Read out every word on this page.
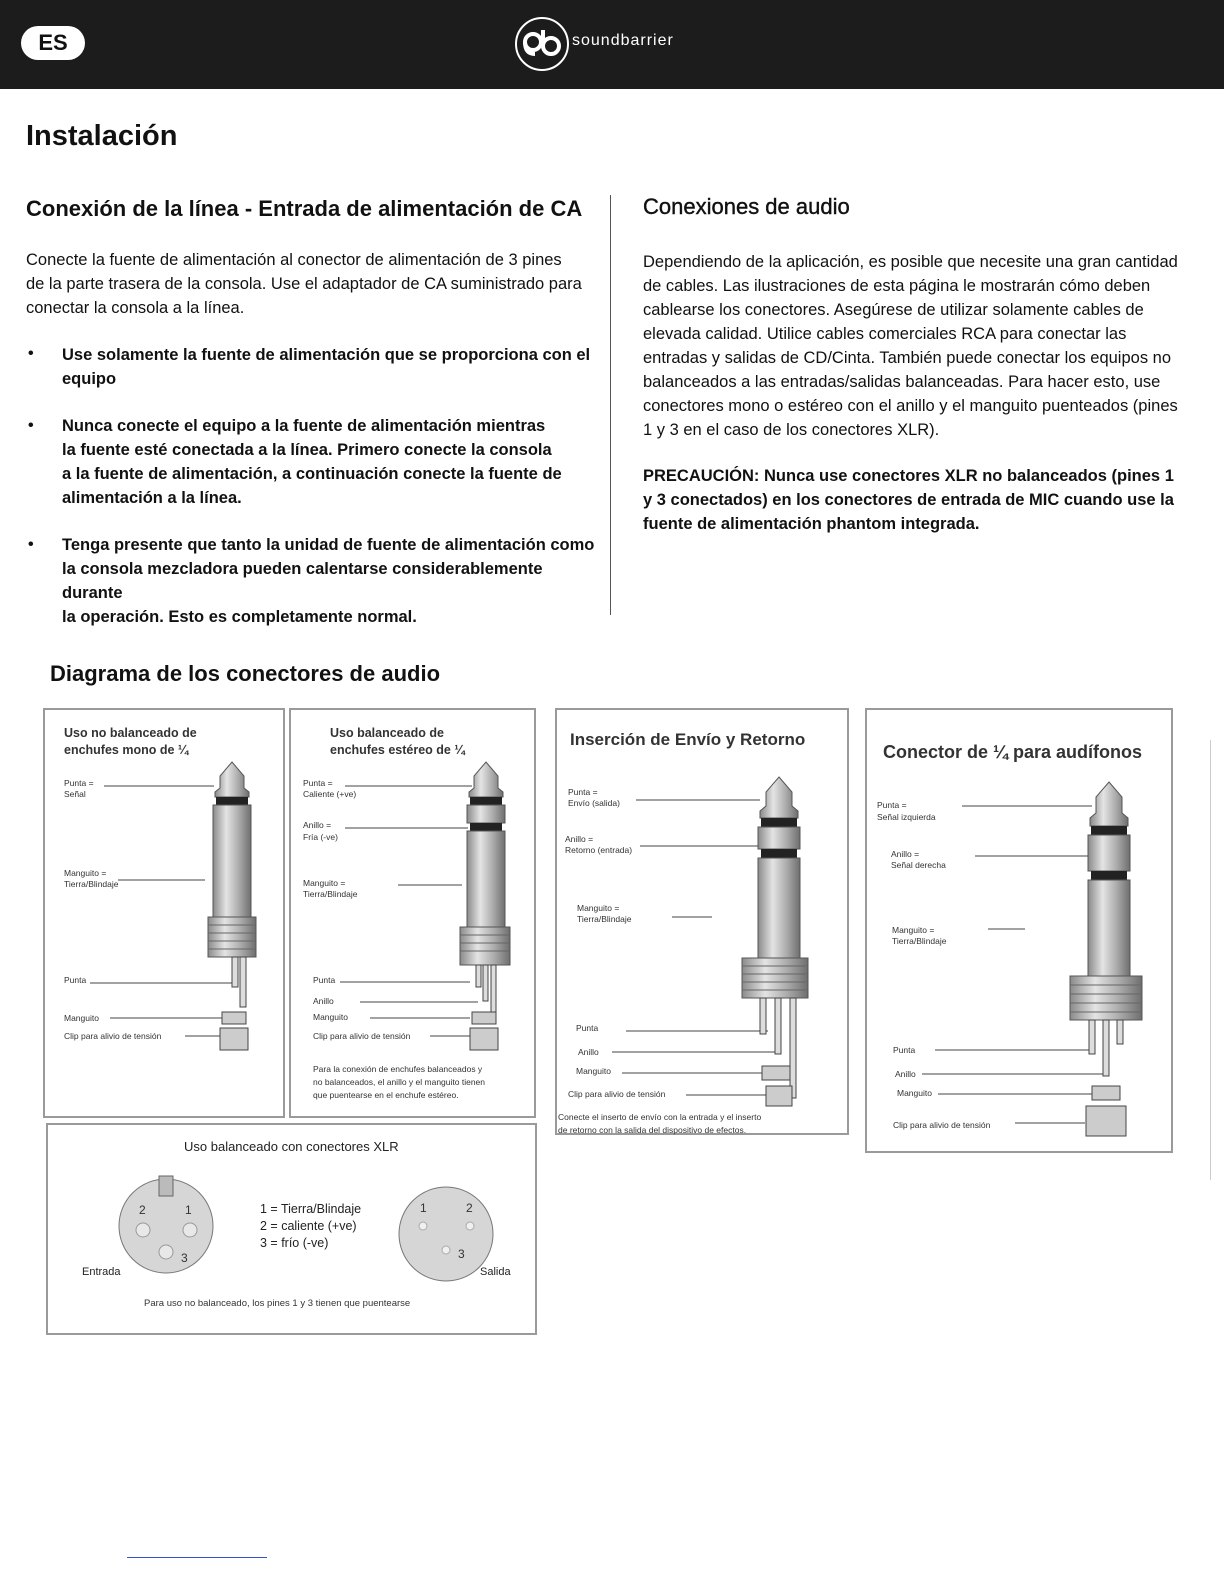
ES	soundbarrier
Instalación
Conexión de la línea - Entrada de alimentación de CA
Conecte la fuente de alimentación al conector de alimentación de 3 pines
de la parte trasera de la consola. Use el adaptador de CA suministrado para
conectar la consola a la línea.
• Use solamente la fuente de alimentación que se proporciona con el
equipo
• Nunca conecte el equipo a la fuente de alimentación mientras
la fuente esté conectada a la línea. Primero conecte la consola
a la fuente de alimentación, a continuación conecte la fuente de
alimentación a la línea.
• Tenga presente que tanto la unidad de fuente de alimentación como
la consola mezcladora pueden calentarse considerablemente durante
la operación. Esto es completamente normal.
Conexiones de audio
Dependiendo de la aplicación, es posible que necesite una gran cantidad
de cables. Las ilustraciones de esta página le mostrarán cómo deben
cablearse los conectores. Asegúrese de utilizar solamente cables de
elevada calidad. Utilice cables comerciales RCA para conectar las
entradas y salidas de CD/Cinta. También puede conectar los equipos no
balanceados a las entradas/salidas balanceadas. Para hacer esto, use
conectores mono o estéreo con el anillo y el manguito puenteados (pines
1 y 3 en el caso de los conectores XLR).
PRECAUCIÓN: Nunca use conectores XLR no balanceados (pines 1
y 3 conectados) en los conectores de entrada de MIC cuando use la
fuente de alimentación phantom integrada.
Diagrama de los conectores de audio
Uso no balanceado de
enchufes mono de ¼
Punta =
Señal
Manguito =
Tierra/Blindaje
Punta
Manguito
Clip para alivio de tensión
Uso balanceado de
enchufes estéreo de ¼
Punta =
Caliente (+ve)
Anillo =
Fría (-ve)
Manguito =
Tierra/Blindaje
Punta
Anillo
Manguito
Clip para alivio de tensión
Para la conexión de enchufes balanceados y
no balanceados, el anillo y el manguito tienen
que puentearse en el enchufe estéreo.
Inserción de Envío y Retorno
Punta =
Envío (salida)
Anillo =
Retorno (entrada)
Manguito =
Tierra/Blindaje
Punta
Anillo
Manguito
Clip para alivio de tensión
Conecte el inserto de envío con la entrada y el inserto
de retorno con la salida del dispositivo de efectos.
Conector de ¼ para audífonos
Punta =
Señal izquierda
Anillo =
Señal derecha
Manguito =
Tierra/Blindaje
Punta
Anillo
Manguito
Clip para alivio de tensión
Uso balanceado con conectores XLR
2	1
3
Entrada
1 = Tierra/Blindaje
2 = caliente (+ve)
3 = frío (-ve)
1	2
3
Salida
Para uso no balanceado, los pines 1 y 3 tienen que puentearse
